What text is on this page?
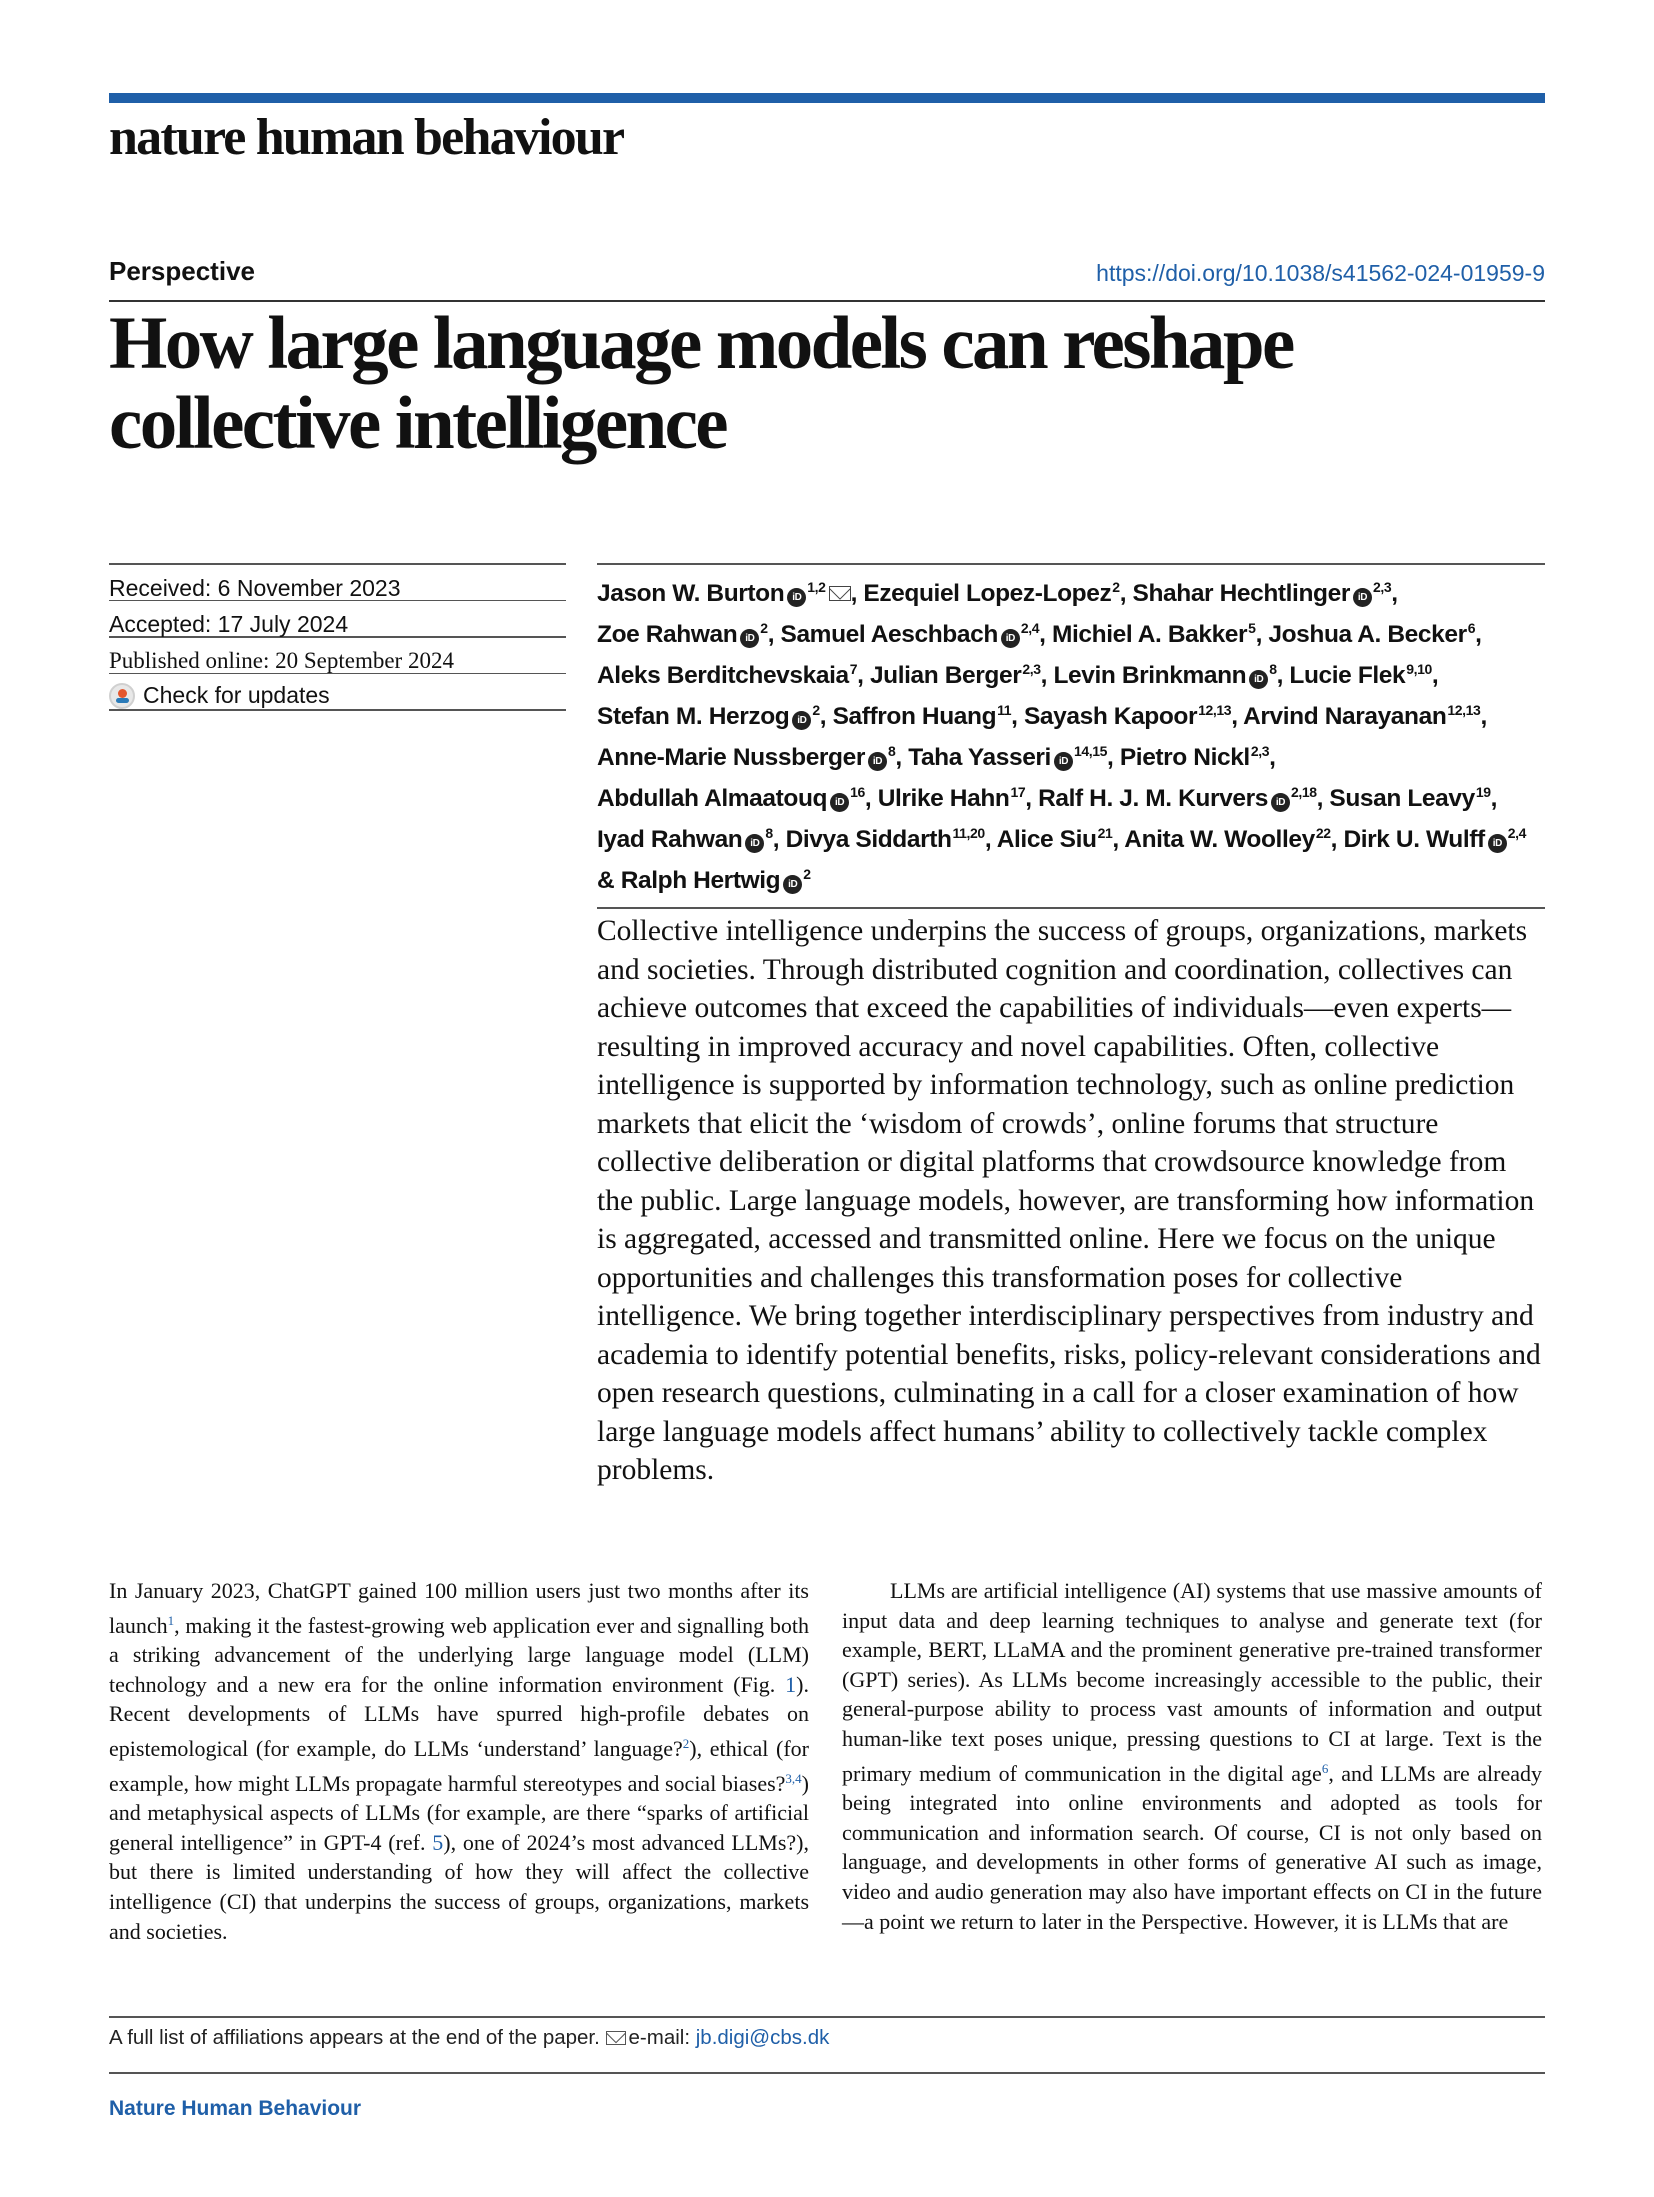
nature human behaviour
Perspective	https://doi.org/10.1038/s41562-024-01959-9
How large language models can reshape collective intelligence
Received: 6 November 2023
Accepted: 17 July 2024
Published online: 20 September 2024
Check for updates
Jason W. Burton iD$^{1,2}$ , Ezequiel Lopez-Lopez$^2$, Shahar Hechtlinger iD$^{2,3}$, Zoe Rahwan $iD^2$, Samuel Aeschbach iD$^{2,4}$, Michiel A. Bakker$^5$, Joshua A. Becker$^6$, Aleks Berditchevskaia$^7$, Julian Berger$^{2,3}$, Levin Brinkmann $iD^8$, Lucie Flek$^{9,10}$, Stefan M. Herzog $iD^2$, Saffron Huang$^{11}$, Sayash Kapoor$^{12,13}$, Arvind Narayanan$^{12,13}$, Anne-Marie Nussberger $iD^8$, Taha Yasseri iD$^{14,15}$, Pietro Nickl$^{2,3}$, Abdullah Almaatouq $iD^{16}$, Ulrike Hahn$^{17}$, Ralf H. J. M. Kurvers iD$^{2,18}$, Susan Leavy$^{19}$, Iyad Rahwan $iD^8$, Divya Siddarth$^{11,20}$, Alice Siu$^{21}$, Anita W. Woolley$^{22}$, Dirk U. Wulff iD$^{2,4}$ & Ralph Hertwig $iD^2$

Collective intelligence underpins the success of groups, organizations, markets and societies. Through distributed cognition and coordination, collectives can achieve outcomes that exceed the capabilities of individuals—even experts—resulting in improved accuracy and novel capabilities. Often, collective intelligence is supported by information technology, such as online prediction markets that elicit the ‘wisdom of crowds’, online forums that structure collective deliberation or digital platforms that crowdsource knowledge from the public. Large language models, however, are transforming how information is aggregated, accessed and transmitted online. Here we focus on the unique opportunities and challenges this transformation poses for collective intelligence. We bring together interdisciplinary perspectives from industry and academia to identify potential benefits, risks, policy-relevant considerations and open research questions, culminating in a call for a closer examination of how large language models affect humans’ ability to collectively tackle complex problems.

In January 2023, ChatGPT gained 100 million users just two months after its launch$^1$, making it the fastest-growing web application ever and signalling both a striking advancement of the underlying large language model (LLM) technology and a new era for the online information environment (Fig. 1). Recent developments of LLMs have spurred high-profile debates on epistemological (for example, do LLMs ‘understand’ language?$^2$), ethical (for example, how might LLMs propagate harmful stereotypes and social biases?$^{3,4}$) and metaphysical aspects of LLMs (for example, are there “sparks of artificial general intelligence” in GPT-4 (ref. 5), one of 2024’s most advanced LLMs?), but there is limited understanding of how they will affect the collective intelligence (CI) that underpins the success of groups, organizations, markets and societies.

LLMs are artificial intelligence (AI) systems that use massive amounts of input data and deep learning techniques to analyse and generate text (for example, BERT, LLaMA and the prominent generative pre-trained transformer (GPT) series). As LLMs become increasingly accessible to the public, their general-purpose ability to process vast amounts of information and output human-like text poses unique, pressing questions to CI at large. Text is the primary medium of communication in the digital age$^6$, and LLMs are already being integrated into online environments and adopted as tools for communication and information search. Of course, CI is not only based on language, and developments in other forms of generative AI such as image, video and audio generation may also have important effects on CI in the future—a point we return to later in the Perspective. However, it is LLMs that are

A full list of affiliations appears at the end of the paper. e-mail: jb.digi@cbs.dk
Nature Human Behaviour
